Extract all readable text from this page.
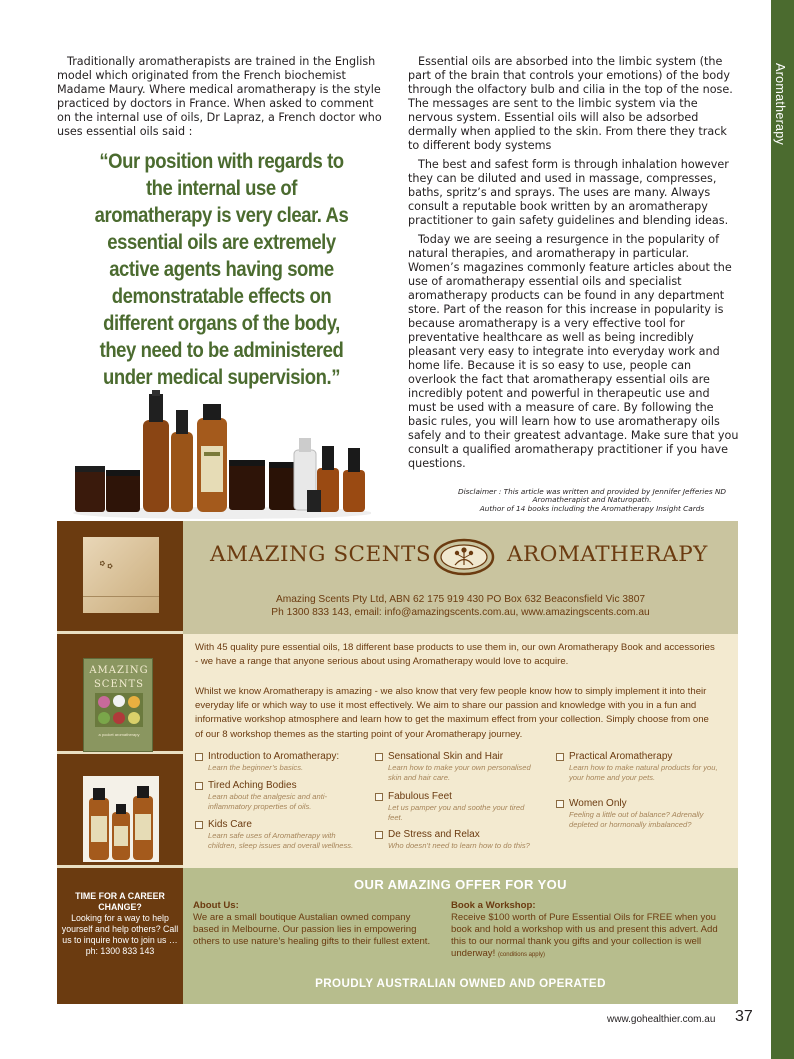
Aromatherapy

Traditionally aromatherapists are trained in the English model which originated from the French biochemist Madame Maury. Where medical aromatherapy is the style practiced by doctors in France. When asked to comment on the internal use of oils, Dr Lapraz, a French doctor who uses essential oils said :

“Our position with regards to the internal use of aromatherapy is very clear. As essential oils are extremely active agents having some demonstratable effects on different organs of the body, they need to be administered under medical supervision.”

Essential oils are absorbed into the limbic system (the part of the brain that controls your emotions) of the body through the olfactory bulb and cilia in the top of the nose. The messages are sent to the limbic system via the nervous system. Essential oils will also be adsorbed dermally when applied to the skin. From there they track to different body systems

The best and safest form is through inhalation however they can be diluted and used in massage, compresses, baths, spritz’s and sprays. The uses are many. Always consult a reputable book written by an aromatherapy practitioner to gain safety guidelines and blending ideas.

Today we are seeing a resurgence in the popularity of natural therapies, and aromatherapy in particular. Women’s magazines commonly feature articles about the use of aromatherapy essential oils and specialist aromatherapy products can be found in any department store. Part of the reason for this increase in popularity is because aromatherapy is a very effective tool for preventative healthcare as well as being incredibly pleasant very easy to integrate into everyday work and home life. Because it is so easy to use, people can overlook the fact that aromatherapy essential oils are incredibly potent and powerful in therapeutic use and must be used with a measure of care. By following the basic rules, you will learn how to use aromatherapy oils safely and to their greatest advantage. Make sure that you consult a qualified aromatherapy practitioner if you have questions.

Disclaimer : This article was written and provided by Jennifer Jefferies ND
Aromatherapist and Naturopath.
Author of 14 books including the Aromatherapy Insight Cards
✿ ✿
AMAZING
SCENTS
a pocket aromatherapy
TIME FOR A CAREER CHANGE?
Looking for a way to help yourself and help others? Call us to inquire how to join us …
ph: 1300 833 143
AMAZING SCENTS	AROMATHERAPY
Amazing Scents Pty Ltd, ABN 62 175 919 430 PO Box 632 Beaconsfield Vic 3807
Ph 1300 833 143, email: info@amazingscents.com.au, www.amazingscents.com.au
With 45 quality pure essential oils, 18 different base products to use them in, our own Aromatherapy Book and accessories - we have a range that anyone serious about using Aromatherapy would love to acquire.
Whilst we know Aromatherapy is amazing - we also know that very few people know how to simply implement it into their everyday life or which way to use it most effectively. We aim to share our passion and knowledge with you in a fun and informative workshop atmosphere and learn how to get the maximum effect from your collection. Simply choose from one of our 8 workshop themes as the starting point of your Aromatherapy journey.
Introduction to Aromatherapy:
Learn the beginner’s basics.
Tired Aching Bodies
Learn about the analgesic and anti-inflammatory properties of oils.
Kids Care
Learn safe uses of Aromatherapy with children, sleep issues and overall wellness.
Sensational Skin and Hair
Learn how to make your own personalised skin and hair care.
Fabulous Feet
Let us pamper you and soothe your tired feet.
De Stress and Relax
Who doesn’t need to learn how to do this?
Practical Aromatherapy
Learn how to make natural products for you, your home and your pets.
Women Only
Feeling a little out of balance? Adrenally depleted or hormonally imbalanced?
OUR AMAZING OFFER FOR YOU
About Us:
We are a small boutique Austalian owned company based in Melbourne. Our passion lies in empowering others to use nature’s healing gifts to their fullest extent.
Book a Workshop:
Receive $100 worth of Pure Essential Oils for FREE when you book and hold a workshop with us and present this advert. Add this to our normal thank you gifts and your collection is well underway! (conditions apply)
PROUDLY AUSTRALIAN OWNED AND OPERATED
www.gohealthier.com.au 37
